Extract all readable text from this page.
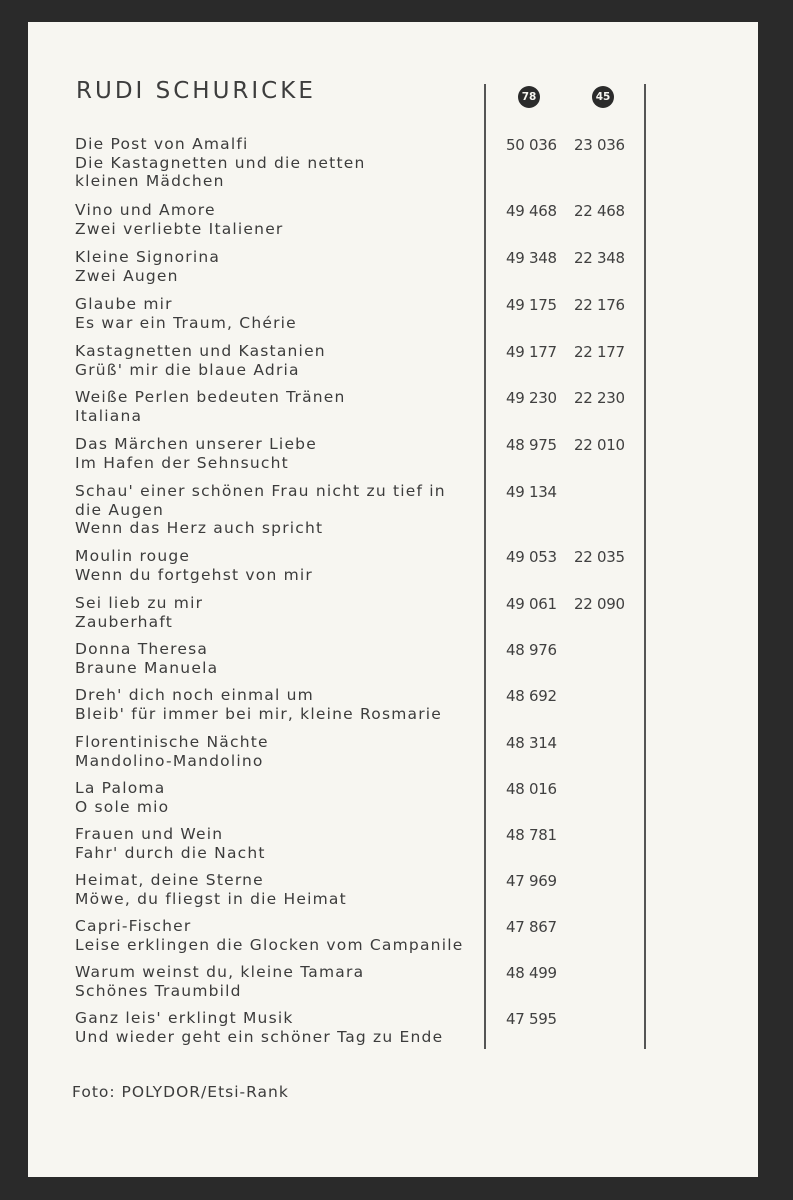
RUDI SCHURICKE	78	45
Die Post von Amalfi
Die Kastagnetten und die netten
kleinen Mädchen
50 036 23 036
Vino und Amore
Zwei verliebte Italiener
49 468 22 468
Kleine Signorina
Zwei Augen
49 348 22 348
Glaube mir
Es war ein Traum, Chérie
49 175 22 176
Kastagnetten und Kastanien
Grüß' mir die blaue Adria
49 177 22 177
Weiße Perlen bedeuten Tränen
Italiana
49 230 22 230
Das Märchen unserer Liebe
Im Hafen der Sehnsucht
48 975 22 010
Schau' einer schönen Frau nicht zu tief in
die Augen
Wenn das Herz auch spricht
49 134
Moulin rouge
Wenn du fortgehst von mir
49 053 22 035
Sei lieb zu mir
Zauberhaft
49 061 22 090
Donna Theresa
Braune Manuela
48 976
Dreh' dich noch einmal um
Bleib' für immer bei mir, kleine Rosmarie
48 692
Florentinische Nächte
Mandolino-Mandolino
48 314
La Paloma
O sole mio
48 016
Frauen und Wein
Fahr' durch die Nacht
48 781
Heimat, deine Sterne
Möwe, du fliegst in die Heimat
47 969
Capri-Fischer
Leise erklingen die Glocken vom Campanile
47 867
Warum weinst du, kleine Tamara
Schönes Traumbild
48 499
Ganz leis' erklingt Musik
Und wieder geht ein schöner Tag zu Ende
47 595
Foto: POLYDOR/Etsi-Rank
